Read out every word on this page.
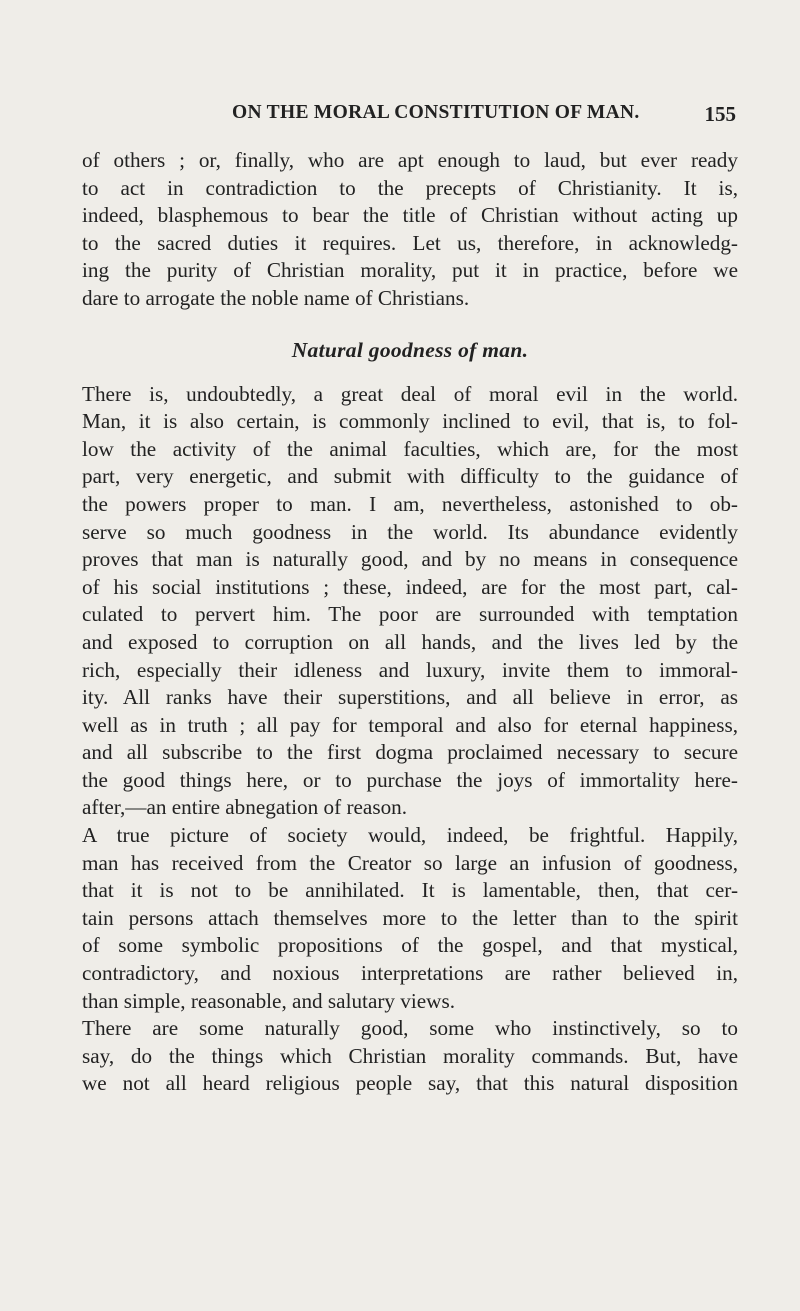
ON THE MORAL CONSTITUTION OF MAN.	155
of others ; or, finally, who are apt enough to laud, but ever ready
to act in contradiction to the precepts of Christianity. It is,
indeed, blasphemous to bear the title of Christian without acting up
to the sacred duties it requires. Let us, therefore, in acknowledg-
ing the purity of Christian morality, put it in practice, before we
dare to arrogate the noble name of Christians.
Natural goodness of man.
There is, undoubtedly, a great deal of moral evil in the world.
Man, it is also certain, is commonly inclined to evil, that is, to fol-
low the activity of the animal faculties, which are, for the most
part, very energetic, and submit with difficulty to the guidance of
the powers proper to man. I am, nevertheless, astonished to ob-
serve so much goodness in the world. Its abundance evidently
proves that man is naturally good, and by no means in consequence
of his social institutions ; these, indeed, are for the most part, cal-
culated to pervert him. The poor are surrounded with temptation
and exposed to corruption on all hands, and the lives led by the
rich, especially their idleness and luxury, invite them to immoral-
ity. All ranks have their superstitions, and all believe in error, as
well as in truth ; all pay for temporal and also for eternal happiness,
and all subscribe to the first dogma proclaimed necessary to secure
the good things here, or to purchase the joys of immortality here-
after,—an entire abnegation of reason.
A true picture of society would, indeed, be frightful. Happily,
man has received from the Creator so large an infusion of goodness,
that it is not to be annihilated. It is lamentable, then, that cer-
tain persons attach themselves more to the letter than to the spirit
of some symbolic propositions of the gospel, and that mystical,
contradictory, and noxious interpretations are rather believed in,
than simple, reasonable, and salutary views.
There are some naturally good, some who instinctively, so to
say, do the things which Christian morality commands. But, have
we not all heard religious people say, that this natural disposition
